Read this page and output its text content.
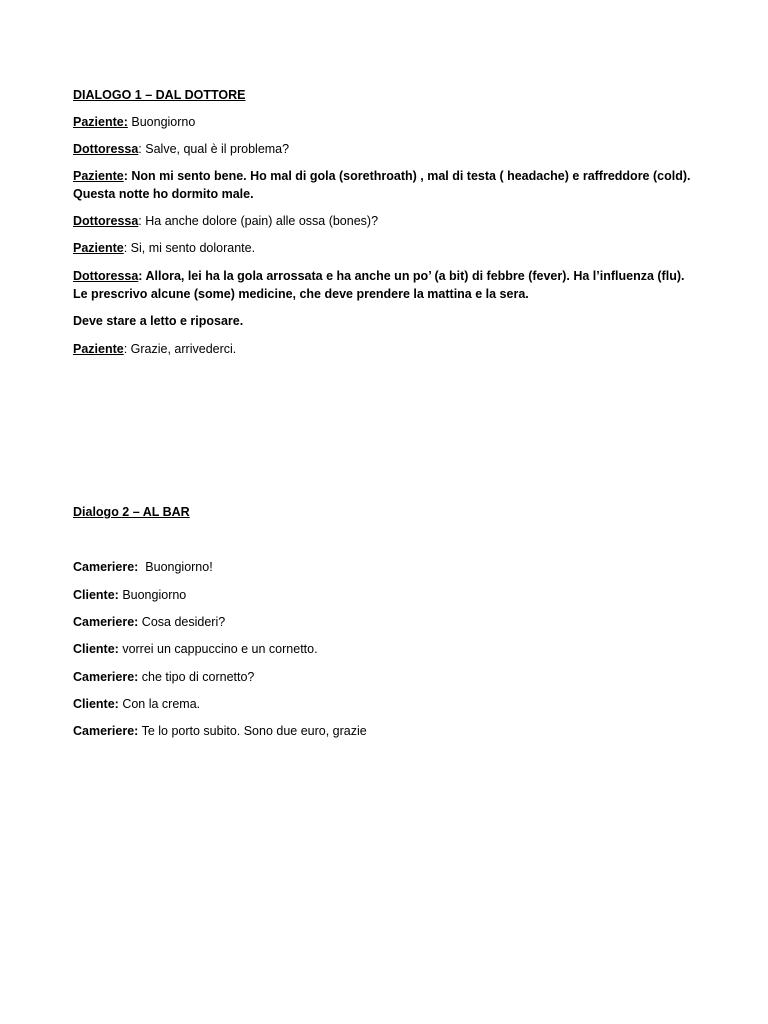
DIALOGO 1 – DAL DOTTORE

Paziente: Buongiorno

Dottoressa: Salve, qual è il problema?

Paziente: Non mi sento bene. Ho mal di gola (sorethroath) , mal di testa ( headache) e raffreddore (cold). Questa notte ho dormito male.

Dottoressa: Ha anche dolore (pain) alle ossa (bones)?

Paziente: Si, mi sento dolorante.

Dottoressa: Allora, lei ha la gola arrossata e ha anche un po’ (a bit) di febbre (fever). Ha l’influenza (flu). Le prescrivo alcune (some) medicine, che deve prendere la mattina e la sera.

Deve stare a letto e riposare.

Paziente: Grazie, arrivederci.

Dialogo 2 – AL BAR

Cameriere:  Buongiorno!

Cliente: Buongiorno

Cameriere: Cosa desideri?

Cliente: vorrei un cappuccino e un cornetto.

Cameriere: che tipo di cornetto?

Cliente: Con la crema.

Cameriere: Te lo porto subito. Sono due euro, grazie
